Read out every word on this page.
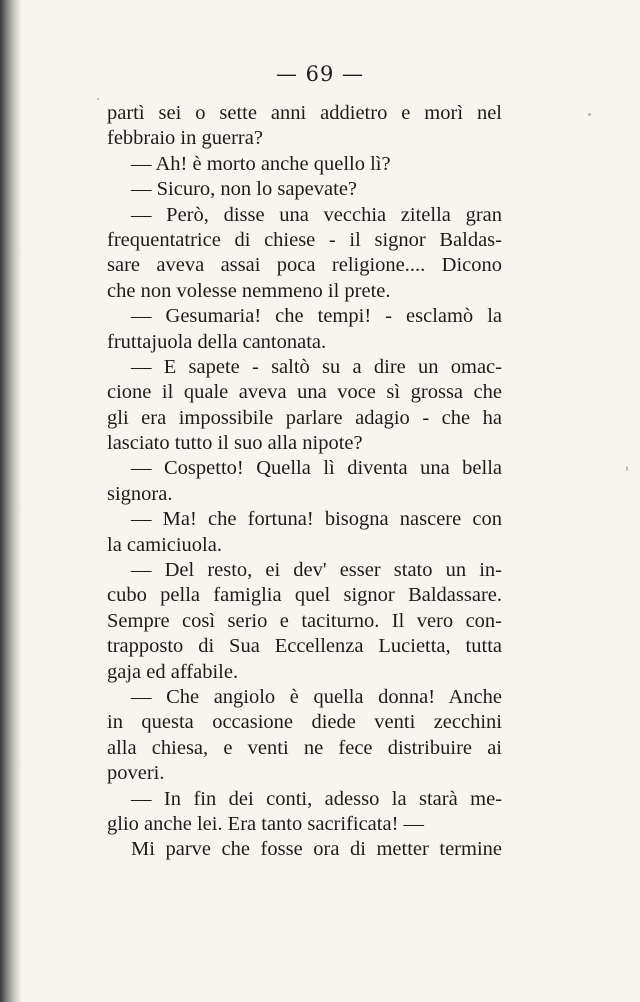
— 69 —
partì sei o sette anni addietro e morì nel
febbraio in guerra?
— Ah! è morto anche quello lì?
— Sicuro, non lo sapevate?
— Però, disse una vecchia zitella gran
frequentatrice di chiese - il signor Baldas-
sare aveva assai poca religione.... Dicono
che non volesse nemmeno il prete.
— Gesumaria! che tempi! - esclamò la
fruttajuola della cantonata.
— E sapete - saltò su a dire un omac-
cione il quale aveva una voce sì grossa che
gli era impossibile parlare adagio - che ha
lasciato tutto il suo alla nipote?
— Cospetto! Quella lì diventa una bella
signora.
— Ma! che fortuna! bisogna nascere con
la camiciuola.
— Del resto, ei dev' esser stato un in-
cubo pella famiglia quel signor Baldassare.
Sempre così serio e taciturno. Il vero con-
trapposto di Sua Eccellenza Lucietta, tutta
gaja ed affabile.
— Che angiolo è quella donna! Anche
in questa occasione diede venti zecchini
alla chiesa, e venti ne fece distribuire ai
poveri.
— In fin dei conti, adesso la starà me-
glio anche lei. Era tanto sacrificata! —
Mi parve che fosse ora di metter termine
